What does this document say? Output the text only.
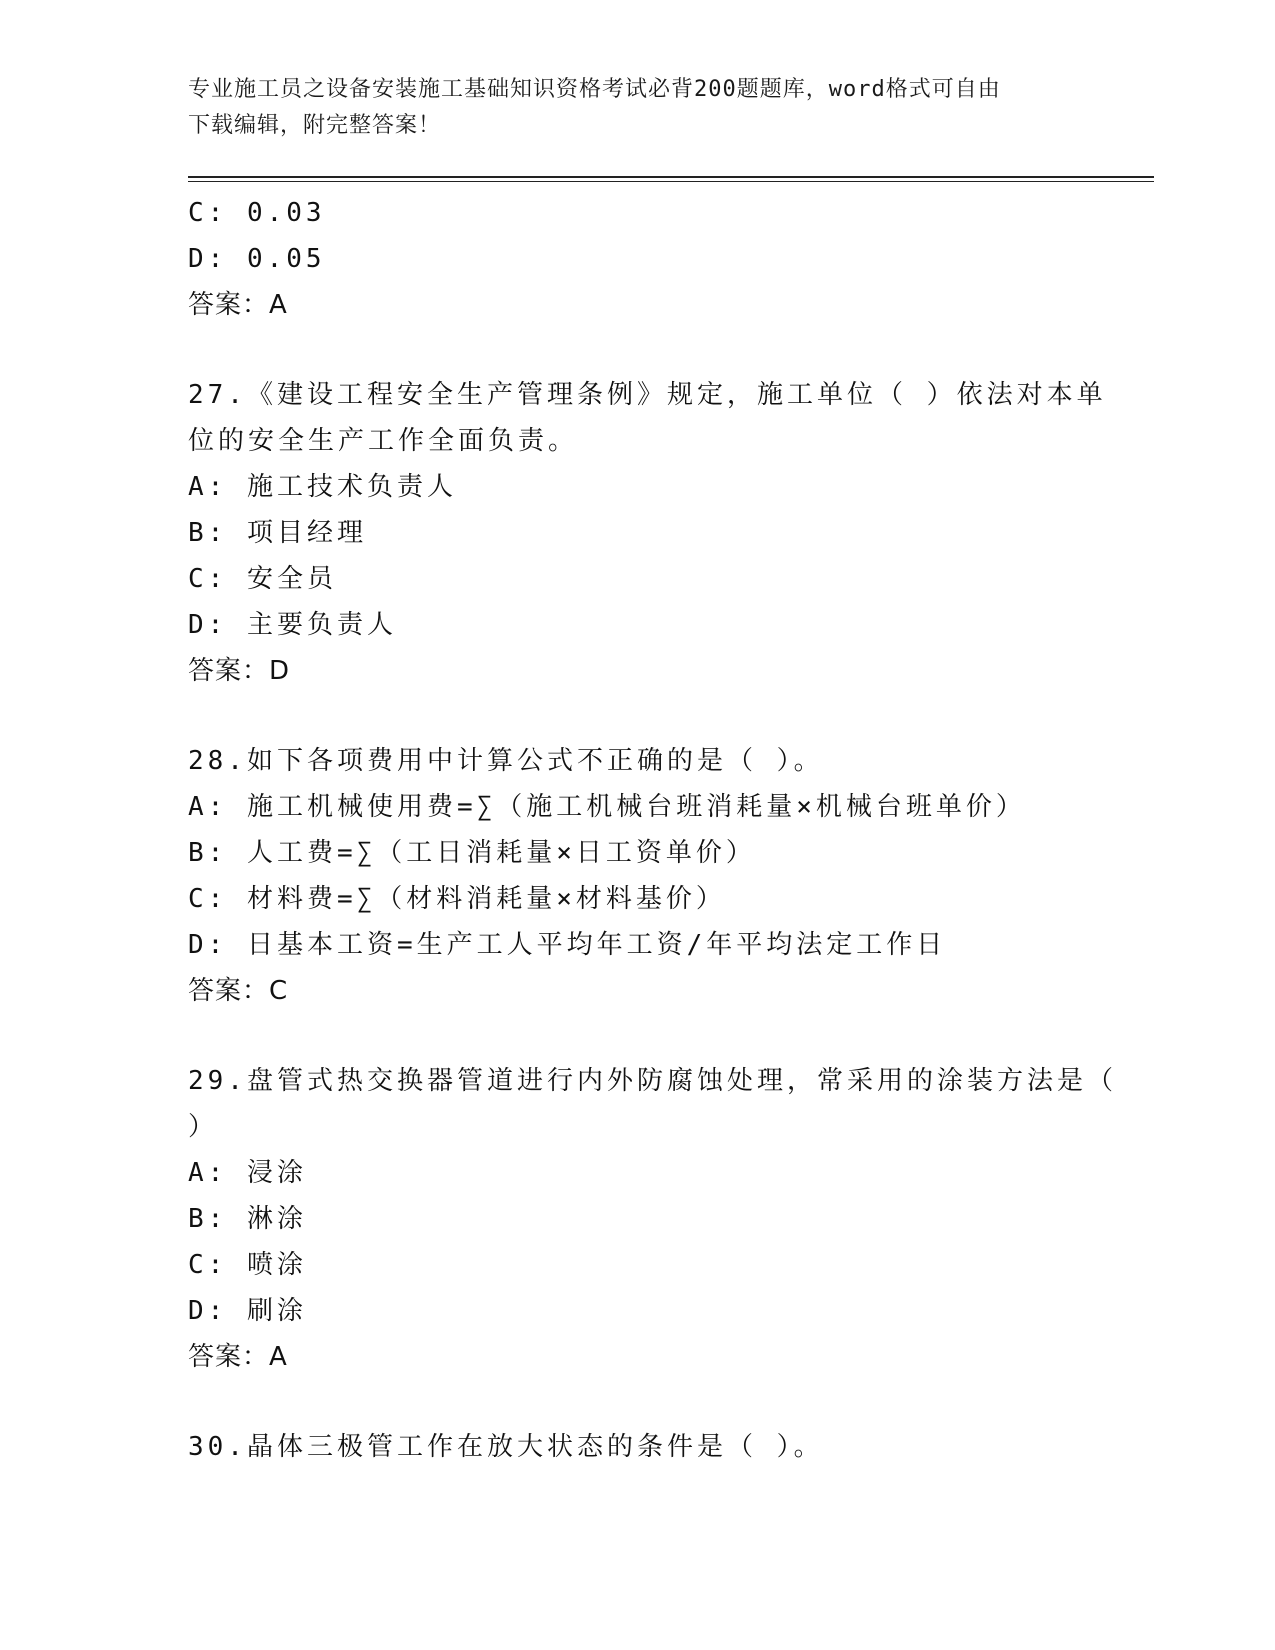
专业施工员之设备安装施工基础知识资格考试必背200题题库，word格式可自由
下载编辑，附完整答案！
C: 0.03
D: 0.05
答案：A
27.《建设工程安全生产管理条例》规定，施工单位（ ）依法对本单
位的安全生产工作全面负责。
A: 施工技术负责人
B: 项目经理
C: 安全员
D: 主要负责人
答案：D
28.如下各项费用中计算公式不正确的是（ ）。
A: 施工机械使用费=∑（施工机械台班消耗量×机械台班单价）
B: 人工费=∑（工日消耗量×日工资单价）
C: 材料费=∑（材料消耗量×材料基价）
D: 日基本工资=生产工人平均年工资/年平均法定工作日
答案：C
29.盘管式热交换器管道进行内外防腐蚀处理，常采用的涂装方法是（
）
A: 浸涂
B: 淋涂
C: 喷涂
D: 刷涂
答案：A
30.晶体三极管工作在放大状态的条件是（ ）。
